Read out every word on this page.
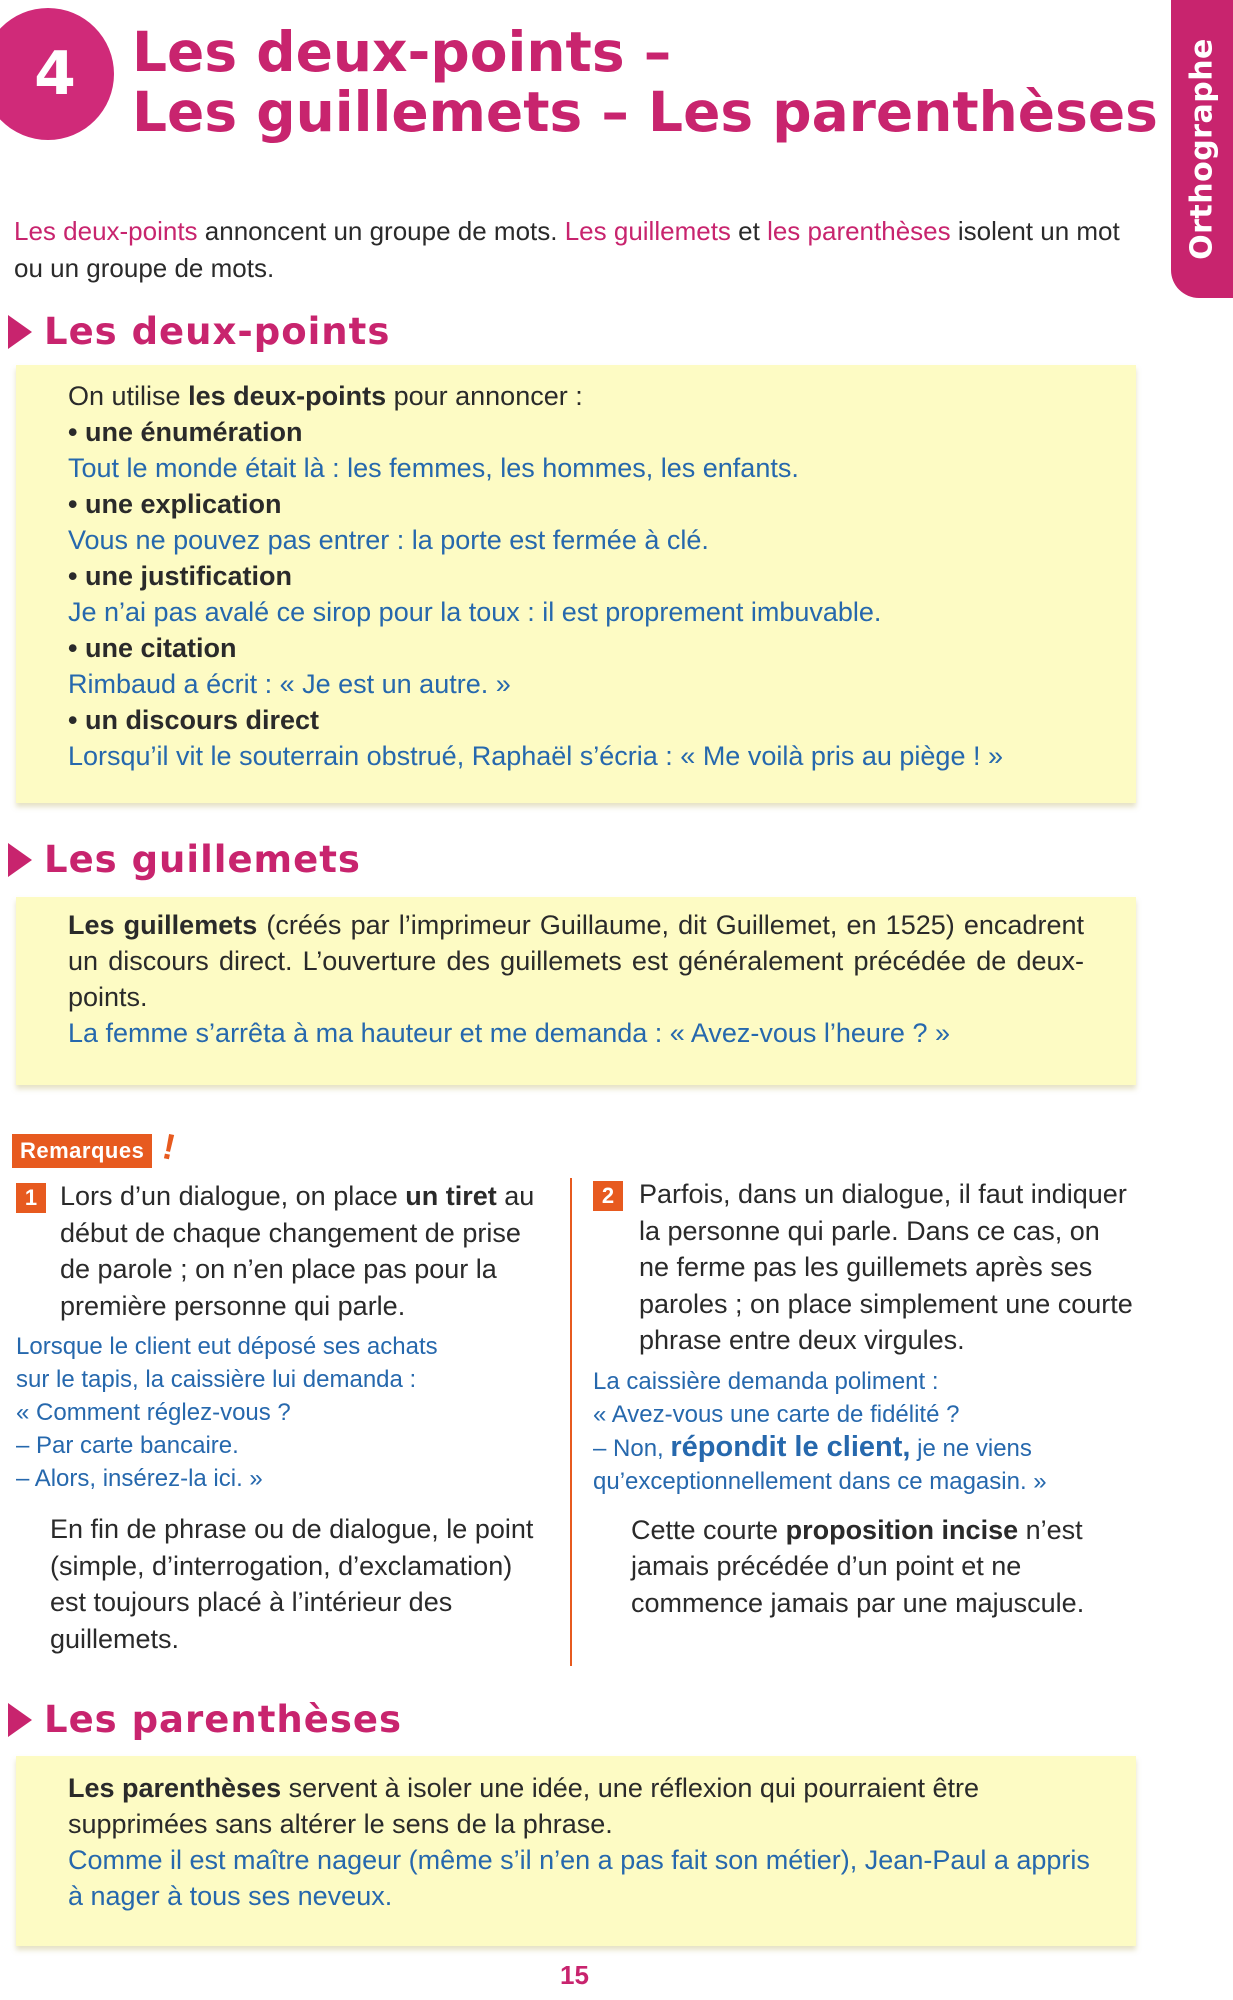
4 Les deux-points –
Les guillemets – Les parenthèses Orthographe

Les deux-points annoncent un groupe de mots. Les guillemets et les parenthèses isolent un mot ou un groupe de mots.

Les deux-points

On utilise les deux-points pour annoncer :

• une énumération

Tout le monde était là : les femmes, les hommes, les enfants.

• une explication

Vous ne pouvez pas entrer : la porte est fermée à clé.

• une justification

Je n’ai pas avalé ce sirop pour la toux : il est proprement imbuvable.

• une citation

Rimbaud a écrit : « Je est un autre. »

• un discours direct

Lorsqu’il vit le souterrain obstrué, Raphaël s’écria : « Me voilà pris au piège ! »

Les guillemets

Les guillemets (créés par l’imprimeur Guillaume, dit Guillemet, en 1525) encadrent un discours direct. L’ouverture des guillemets est généralement précédée de deux-points.

La femme s’arrêta à ma hauteur et me demanda : « Avez-vous l’heure ? »

Remarques !
1 Lors d’un dialogue, on place un tiret au début de chaque changement de prise de parole ; on n’en place pas pour la première personne qui parle.

Lorsque le client eut déposé ses achats

sur le tapis, la caissière lui demanda :

« Comment réglez-vous ?

– Par carte bancaire.

– Alors, insérez-la ici. »

En fin de phrase ou de dialogue, le point (simple, d’interrogation, d’exclamation) est toujours placé à l’intérieur des guillemets.

2 Parfois, dans un dialogue, il faut indiquer la personne qui parle. Dans ce cas, on ne ferme pas les guillemets après ses paroles ; on place simplement une courte phrase entre deux virgules.

La caissière demanda poliment :

« Avez-vous une carte de fidélité ?

– Non, répondit le client, je ne viens

qu’exceptionnellement dans ce magasin. »

Cette courte proposition incise n’est jamais précédée d’un point et ne commence jamais par une majuscule.

Les parenthèses

Les parenthèses servent à isoler une idée, une réflexion qui pourraient être supprimées sans altérer le sens de la phrase.

Comme il est maître nageur (même s’il n’en a pas fait son métier), Jean-Paul a appris à nager à tous ses neveux.

15
